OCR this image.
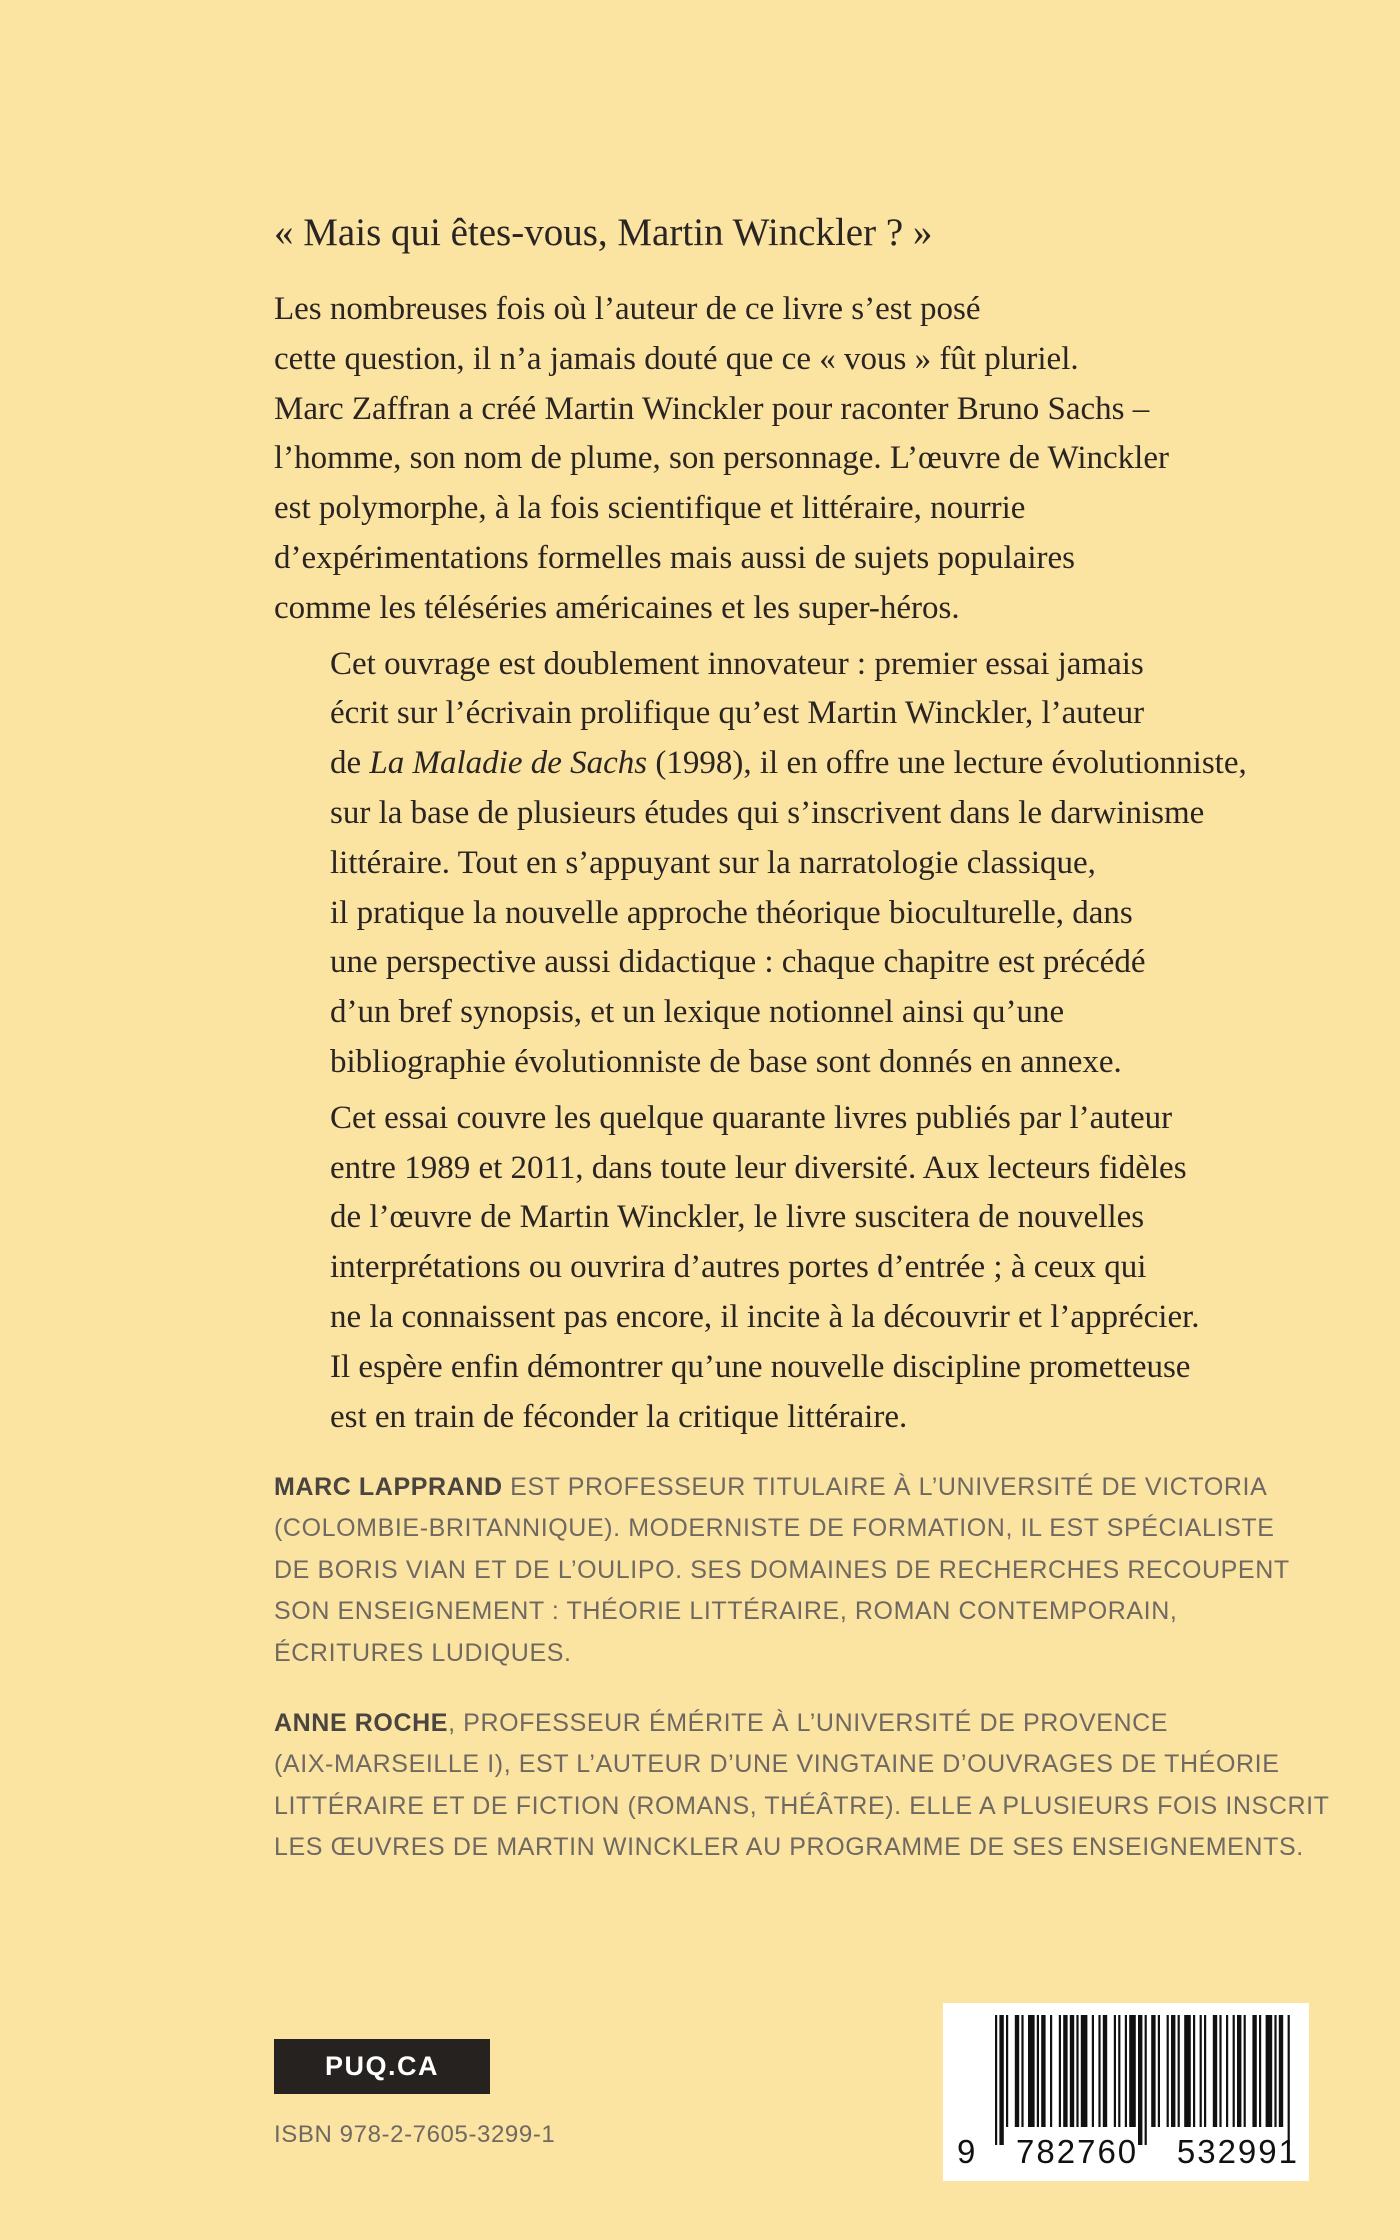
« Mais qui êtes-vous, Martin Winckler ? »

Les nombreuses fois où l’auteur de ce livre s’est posé
cette question, il n’a jamais douté que ce « vous » fût pluriel.
Marc Zaffran a créé Martin Winckler pour raconter Bruno Sachs –
l’homme, son nom de plume, son personnage. L’œuvre de Winckler
est polymorphe, à la fois scientifique et littéraire, nourrie
d’expérimentations formelles mais aussi de sujets populaires
comme les téléséries américaines et les super-héros.

Cet ouvrage est doublement innovateur : premier essai jamais
écrit sur l’écrivain prolifique qu’est Martin Winckler, l’auteur
de La Maladie de Sachs (1998), il en offre une lecture évolutionniste,
sur la base de plusieurs études qui s’inscrivent dans le darwinisme
littéraire. Tout en s’appuyant sur la narratologie classique,
il pratique la nouvelle approche théorique bioculturelle, dans
une perspective aussi didactique : chaque chapitre est précédé
d’un bref synopsis, et un lexique notionnel ainsi qu’une
bibliographie évolutionniste de base sont donnés en annexe.

Cet essai couvre les quelque quarante livres publiés par l’auteur
entre 1989 et 2011, dans toute leur diversité. Aux lecteurs fidèles
de l’œuvre de Martin Winckler, le livre suscitera de nouvelles
interprétations ou ouvrira d’autres portes d’entrée ; à ceux qui
ne la connaissent pas encore, il incite à la découvrir et l’apprécier.
Il espère enfin démontrer qu’une nouvelle discipline prometteuse
est en train de féconder la critique littéraire.

MARC LAPPRAND EST PROFESSEUR TITULAIRE À L’UNIVERSITÉ DE VICTORIA
(COLOMBIE-BRITANNIQUE). MODERNISTE DE FORMATION, IL EST SPÉCIALISTE
DE BORIS VIAN ET DE L’OULIPO. SES DOMAINES DE RECHERCHES RECOUPENT
SON ENSEIGNEMENT : THÉORIE LITTÉRAIRE, ROMAN CONTEMPORAIN,
ÉCRITURES LUDIQUES.
ANNE ROCHE, PROFESSEUR ÉMÉRITE À L’UNIVERSITÉ DE PROVENCE
(AIX-MARSEILLE I), EST L’AUTEUR D’UNE VINGTAINE D’OUVRAGES DE THÉORIE
LITTÉRAIRE ET DE FICTION (ROMANS, THÉÂTRE). ELLE A PLUSIEURS FOIS INSCRIT
LES ŒUVRES DE MARTIN WINCKLER AU PROGRAMME DE SES ENSEIGNEMENTS.
PUQ.CA
ISBN 978-2-7605-3299-1	9 782760 532991
